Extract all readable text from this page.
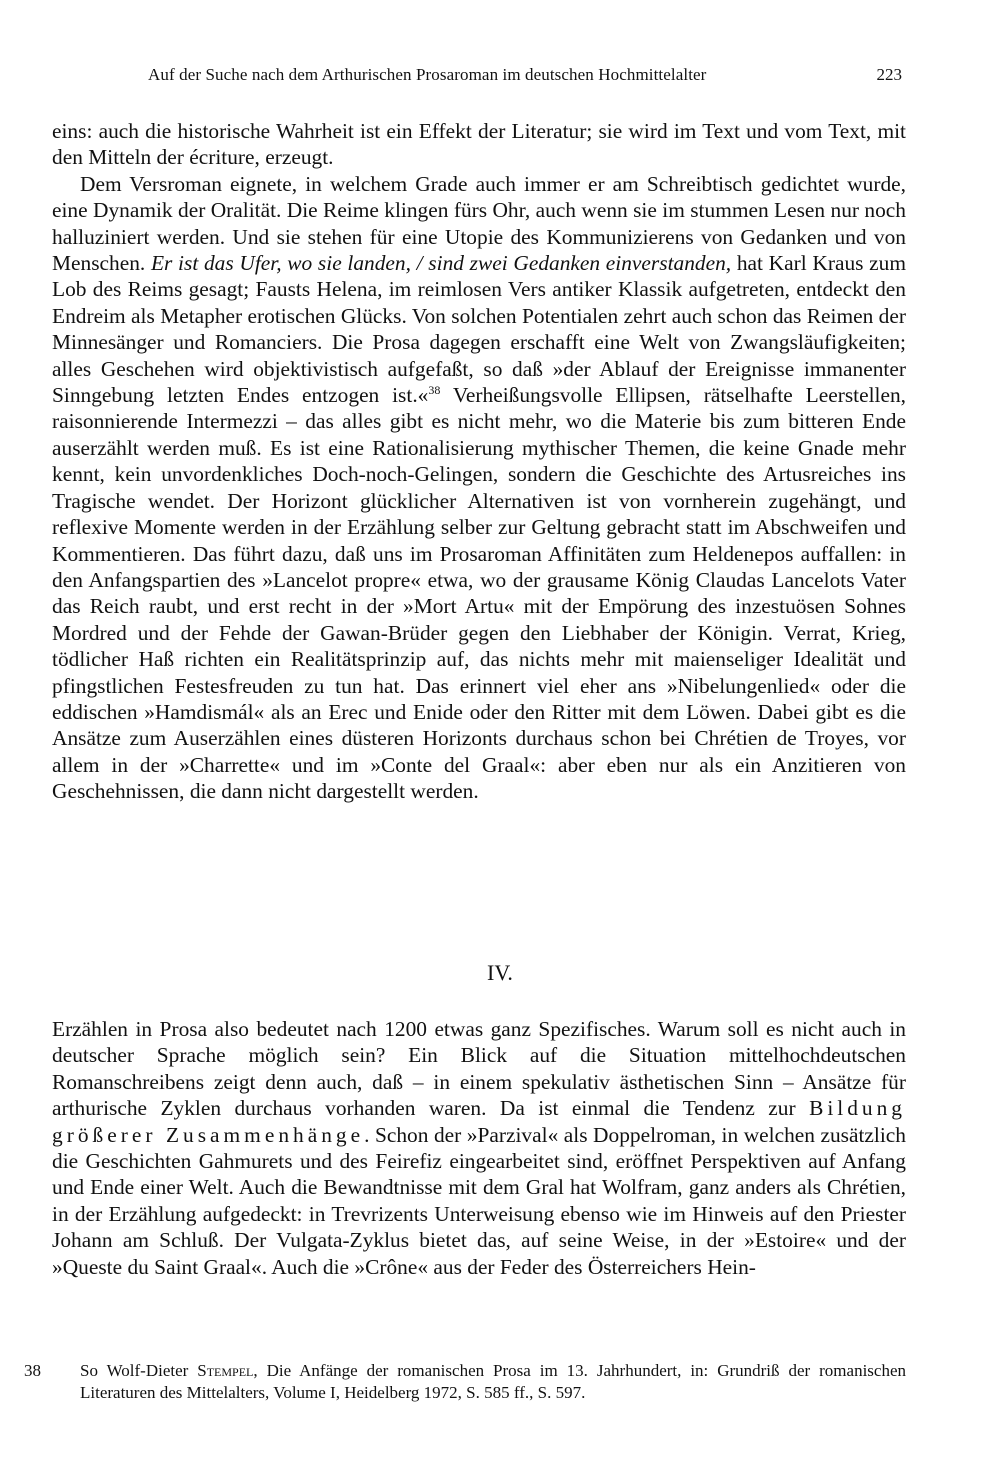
Auf der Suche nach dem Arthurischen Prosaroman im deutschen Hochmittelalter	223

eins: auch die historische Wahrheit ist ein Effekt der Literatur; sie wird im Text und vom Text, mit den Mitteln der écriture, erzeugt.

Dem Versroman eignete, in welchem Grade auch immer er am Schreibtisch gedichtet wurde, eine Dynamik der Oralität. Die Reime klingen fürs Ohr, auch wenn sie im stummen Lesen nur noch halluziniert werden. Und sie stehen für eine Utopie des Kommunizierens von Gedanken und von Menschen. Er ist das Ufer, wo sie landen, / sind zwei Gedanken einverstanden, hat Karl Kraus zum Lob des Reims gesagt; Fausts Helena, im reimlosen Vers antiker Klassik aufgetreten, entdeckt den Endreim als Metapher erotischen Glücks. Von solchen Potentialen zehrt auch schon das Reimen der Minnesänger und Romanciers. Die Prosa dagegen erschafft eine Welt von Zwangsläufigkeiten; alles Geschehen wird objektivistisch aufgefaßt, so daß »der Ablauf der Ereignisse immanenter Sinngebung letzten Endes entzogen ist.«$^{38}$ Verheißungsvolle Ellipsen, rätselhafte Leerstellen, raisonnierende Intermezzi – das alles gibt es nicht mehr, wo die Materie bis zum bitteren Ende auserzählt werden muß. Es ist eine Rationalisierung mythischer Themen, die keine Gnade mehr kennt, kein unvordenkliches Doch-noch-Gelingen, sondern die Geschichte des Artusreiches ins Tragische wendet. Der Horizont glücklicher Alternativen ist von vornherein zugehängt, und reflexive Momente werden in der Erzählung selber zur Geltung gebracht statt im Abschweifen und Kommentieren. Das führt dazu, daß uns im Prosaroman Affinitäten zum Heldenepos auffallen: in den Anfangspartien des »Lancelot propre« etwa, wo der grausame König Claudas Lancelots Vater das Reich raubt, und erst recht in der »Mort Artu« mit der Empörung des inzestuösen Sohnes Mordred und der Fehde der Gawan-Brüder gegen den Liebhaber der Königin. Verrat, Krieg, tödlicher Haß richten ein Realitätsprinzip auf, das nichts mehr mit maienseliger Idealität und pfingstlichen Festesfreuden zu tun hat. Das erinnert viel eher ans »Nibelungenlied« oder die eddischen »Hamdismál« als an Erec und Enide oder den Ritter mit dem Löwen. Dabei gibt es die Ansätze zum Auserzählen eines düsteren Horizonts durchaus schon bei Chrétien de Troyes, vor allem in der »Charrette« und im »Conte del Graal«: aber eben nur als ein Anzitieren von Geschehnissen, die dann nicht dargestellt werden.

IV.

Erzählen in Prosa also bedeutet nach 1200 etwas ganz Spezifisches. Warum soll es nicht auch in deutscher Sprache möglich sein? Ein Blick auf die Situation mittelhochdeutschen Romanschreibens zeigt denn auch, daß – in einem spekulativ ästhetischen Sinn – Ansätze für arthurische Zyklen durchaus vorhanden waren. Da ist einmal die Tendenz zur Bildung größerer Zusammenhänge. Schon der »Parzival« als Doppelroman, in welchen zusätzlich die Geschichten Gahmurets und des Feirefiz eingearbeitet sind, eröffnet Perspektiven auf Anfang und Ende einer Welt. Auch die Bewandtnisse mit dem Gral hat Wolfram, ganz anders als Chrétien, in der Erzählung aufgedeckt: in Trevrizents Unterweisung ebenso wie im Hinweis auf den Priester Johann am Schluß. Der Vulgata-Zyklus bietet das, auf seine Weise, in der »Estoire« und der »Queste du Saint Graal«. Auch die »Crône« aus der Feder des Österreichers Hein-

38 So Wolf-Dieter Stempel, Die Anfänge der romanischen Prosa im 13. Jahrhundert, in: Grundriß der romanischen Literaturen des Mittelalters, Volume I, Heidelberg 1972, S. 585 ff., S. 597.
